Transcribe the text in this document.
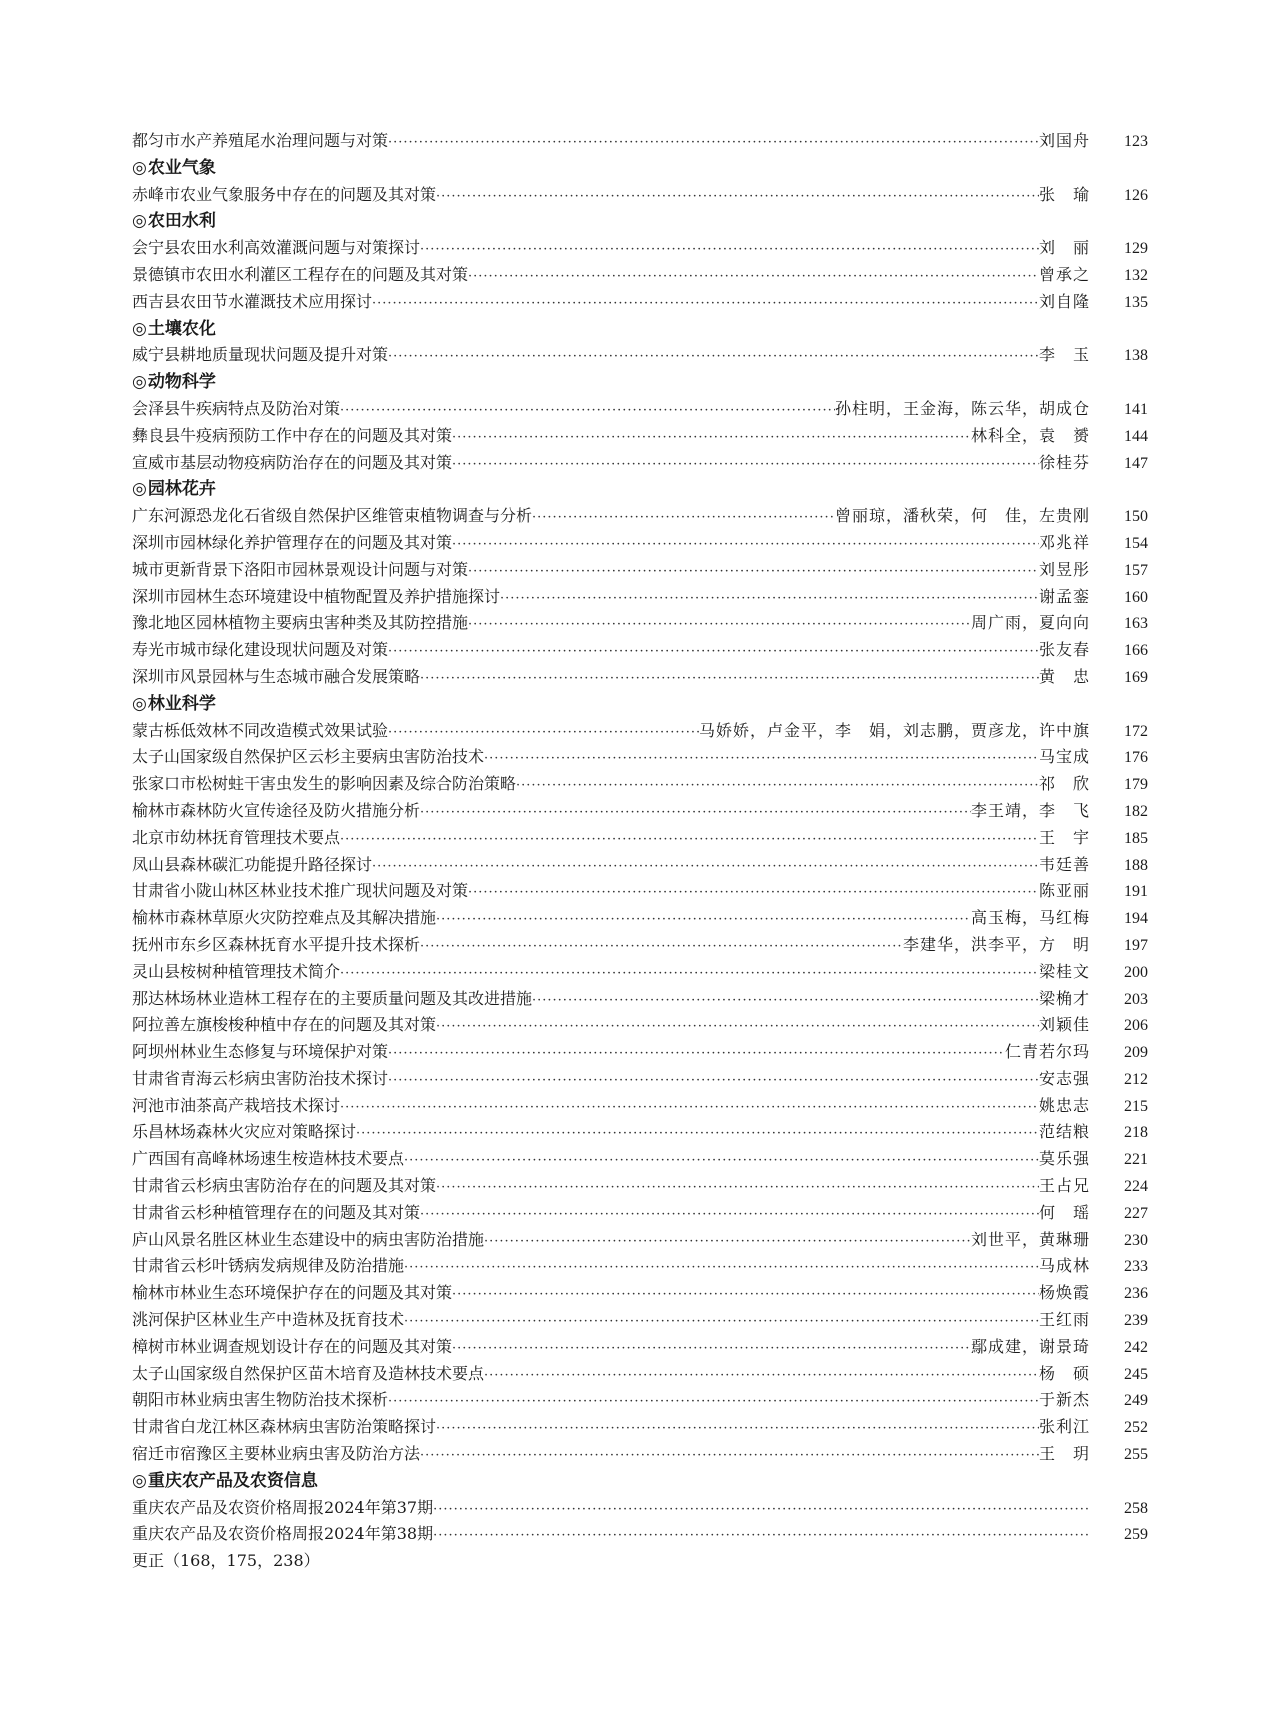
都匀市水产养殖尾水治理问题与对策 ·····	刘国舟	123
◎农业气象
赤峰市农业气象服务中存在的问题及其对策 ·····	张　瑜	126
◎农田水利
会宁县农田水利高效灌溉问题与对策探讨 ·····	刘　丽	129
景德镇市农田水利灌区工程存在的问题及其对策 ·····	曾承之	132
西吉县农田节水灌溉技术应用探讨 ·····	刘自隆	135
◎土壤农化
威宁县耕地质量现状问题及提升对策 ·····	李　玉	138
◎动物科学
会泽县牛疾病特点及防治对策 ·····	孙柱明，王金海，陈云华，胡成仓	141
彝良县牛疫病预防工作中存在的问题及其对策 ·····	林科全，袁　赟	144
宣威市基层动物疫病防治存在的问题及其对策 ·····	徐桂芬	147
◎园林花卉
广东河源恐龙化石省级自然保护区维管束植物调查与分析 ·····	曾丽琼，潘秋荣，何　佳，左贵刚	150
深圳市园林绿化养护管理存在的问题及其对策 ·····	邓兆祥	154
城市更新背景下洛阳市园林景观设计问题与对策 ·····	刘昱彤	157
深圳市园林生态环境建设中植物配置及养护措施探讨 ·····	谢孟銮	160
豫北地区园林植物主要病虫害种类及其防控措施 ·····	周广雨，夏向向	163
寿光市城市绿化建设现状问题及对策 ·····	张友春	166
深圳市风景园林与生态城市融合发展策略 ·····	黄　忠	169
◎林业科学
蒙古栎低效林不同改造模式效果试验 ·····	马娇娇，卢金平，李　娟，刘志鹏，贾彦龙，许中旗	172
太子山国家级自然保护区云杉主要病虫害防治技术 ·····	马宝成	176
张家口市松树蛀干害虫发生的影响因素及综合防治策略 ·····	祁　欣	179
榆林市森林防火宣传途径及防火措施分析 ·····	李王靖，李　飞	182
北京市幼林抚育管理技术要点 ·····	王　宇	185
凤山县森林碳汇功能提升路径探讨 ·····	韦廷善	188
甘肃省小陇山林区林业技术推广现状问题及对策 ·····	陈亚丽	191
榆林市森林草原火灾防控难点及其解决措施 ·····	高玉梅，马红梅	194
抚州市东乡区森林抚育水平提升技术探析 ·····	李建华，洪李平，方　明	197
灵山县桉树种植管理技术简介 ·····	梁桂文	200
那达林场林业造林工程存在的主要质量问题及其改进措施 ·····	梁桷才	203
阿拉善左旗梭梭种植中存在的问题及其对策 ·····	刘颖佳	206
阿坝州林业生态修复与环境保护对策 ·····	仁青若尔玛	209
甘肃省青海云杉病虫害防治技术探讨 ·····	安志强	212
河池市油茶高产栽培技术探讨 ·····	姚忠志	215
乐昌林场森林火灾应对策略探讨 ·····	范结粮	218
广西国有高峰林场速生桉造林技术要点 ·····	莫乐强	221
甘肃省云杉病虫害防治存在的问题及其对策 ·····	王占兄	224
甘肃省云杉种植管理存在的问题及其对策 ·····	何　瑶	227
庐山风景名胜区林业生态建设中的病虫害防治措施 ·····	刘世平，黄琳珊	230
甘肃省云杉叶锈病发病规律及防治措施 ·····	马成林	233
榆林市林业生态环境保护存在的问题及其对策 ·····	杨焕霞	236
洮河保护区林业生产中造林及抚育技术 ·····	王红雨	239
樟树市林业调查规划设计存在的问题及其对策 ·····	鄢成建，谢景琦	242
太子山国家级自然保护区苗木培育及造林技术要点 ·····	杨　硕	245
朝阳市林业病虫害生物防治技术探析 ·····	于新杰	249
甘肃省白龙江林区森林病虫害防治策略探讨 ·····	张利江	252
宿迁市宿豫区主要林业病虫害及防治方法 ·····	王　玥	255
◎重庆农产品及农资信息
重庆农产品及农资价格周报2024年第37期 ·····	258
重庆农产品及农资价格周报2024年第38期 ·····	259
更正（168，175，238）
